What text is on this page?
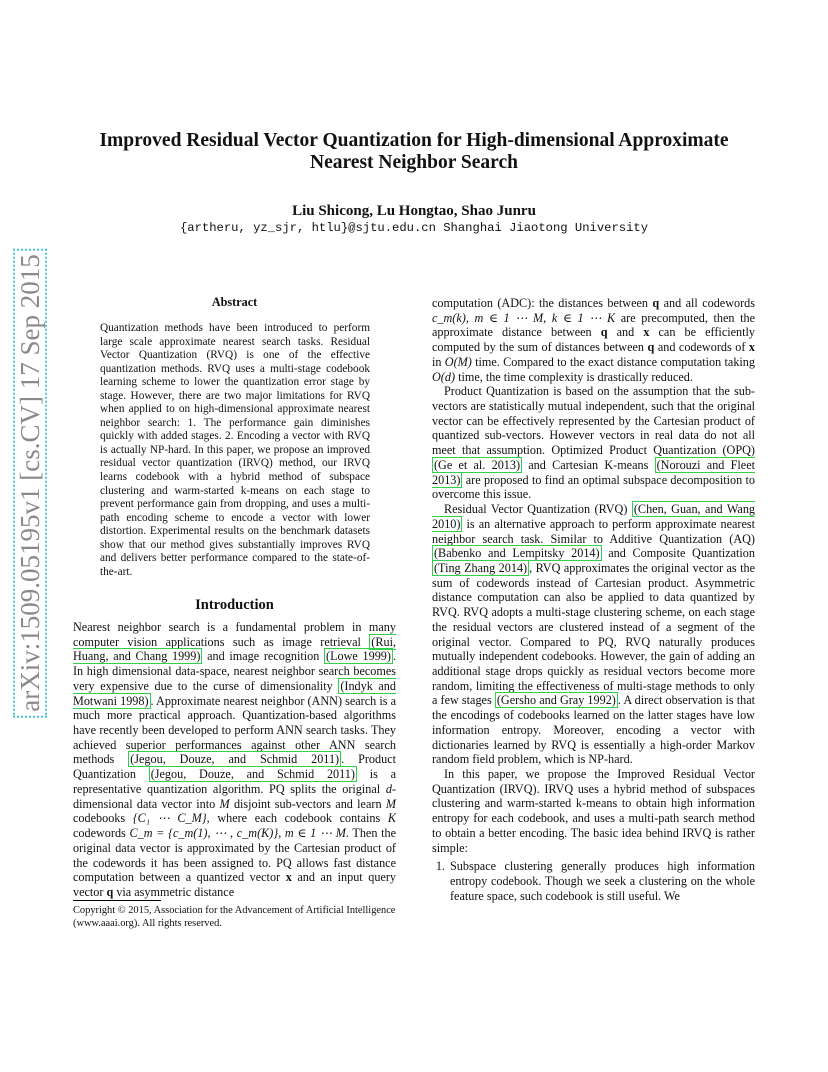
arXiv:1509.05195v1 [cs.CV] 17 Sep 2015
Improved Residual Vector Quantization for High-dimensional Approximate
Nearest Neighbor Search
Liu Shicong, Lu Hongtao, Shao Junru
{artheru, yz_sjr, htlu}@sjtu.edu.cn Shanghai Jiaotong University
Abstract
Quantization methods have been introduced to perform large scale approximate nearest search tasks. Residual Vector Quantization (RVQ) is one of the effective quantization methods. RVQ uses a multi-stage codebook learning scheme to lower the quantization error stage by stage. However, there are two major limitations for RVQ when applied to on high-dimensional approximate nearest neighbor search: 1. The performance gain diminishes quickly with added stages. 2. Encoding a vector with RVQ is actually NP-hard. In this paper, we propose an improved residual vector quantization (IRVQ) method, our IRVQ learns codebook with a hybrid method of subspace clustering and warm-started k-means on each stage to prevent performance gain from dropping, and uses a multi-path encoding scheme to encode a vector with lower distortion. Experimental results on the benchmark datasets show that our method gives substantially improves RVQ and delivers better performance compared to the state-of-the-art.
Introduction

Nearest neighbor search is a fundamental problem in many computer vision applications such as image retrieval (Rui, Huang, and Chang 1999) and image recognition (Lowe 1999) . In high dimensional data-space, nearest neighbor search becomes very expensive due to the curse of dimensionality (Indyk and Motwani 1998) . Approximate nearest neighbor (ANN) search is a much more practical approach. Quantization-based algorithms have recently been developed to perform ANN search tasks. They achieved superior performances against other ANN search methods (Jegou, Douze, and Schmid 2011) . Product Quantization (Jegou, Douze, and Schmid 2011) is a representative quantization algorithm. PQ splits the original d-dimensional data vector into M disjoint sub-vectors and learn M codebooks {C₁ ⋯ C_M}, where each codebook contains K codewords C_m = {c_m(1), ⋯ , c_m(K)}, m ∈ 1 ⋯ M. Then the original data vector is approximated by the Cartesian product of the codewords it has been assigned to. PQ allows fast distance computation between a quantized vector x and an input query vector q via asymmetric distance

Copyright © 2015, Association for the Advancement of Artificial Intelligence (www.aaai.org). All rights reserved.

computation (ADC): the distances between q and all codewords c_m(k), m ∈ 1 ⋯ M, k ∈ 1 ⋯ K are precomputed, then the approximate distance between q and x can be efficiently computed by the sum of distances between q and codewords of x in O(M) time. Compared to the exact distance computation taking O(d) time, the time complexity is drastically reduced.

Product Quantization is based on the assumption that the sub-vectors are statistically mutual independent, such that the original vector can be effectively represented by the Cartesian product of quantized sub-vectors. However vectors in real data do not all meet that assumption. Optimized Product Quantization (OPQ) (Ge et al. 2013) and Cartesian K-means (Norouzi and Fleet 2013) are proposed to find an optimal subspace decomposition to overcome this issue.

Residual Vector Quantization (RVQ) (Chen, Guan, and Wang 2010) is an alternative approach to perform approximate nearest neighbor search task. Similar to Additive Quantization (AQ) (Babenko and Lempitsky 2014) and Composite Quantization (Ting Zhang 2014) , RVQ approximates the original vector as the sum of codewords instead of Cartesian product. Asymmetric distance computation can also be applied to data quantized by RVQ. RVQ adopts a multi-stage clustering scheme, on each stage the residual vectors are clustered instead of a segment of the original vector. Compared to PQ, RVQ naturally produces mutually independent codebooks. However, the gain of adding an additional stage drops quickly as residual vectors become more random, limiting the effectiveness of multi-stage methods to only a few stages (Gersho and Gray 1992) . A direct observation is that the encodings of codebooks learned on the latter stages have low information entropy. Moreover, encoding a vector with dictionaries learned by RVQ is essentially a high-order Markov random field problem, which is NP-hard.

In this paper, we propose the Improved Residual Vector Quantization (IRVQ). IRVQ uses a hybrid method of subspaces clustering and warm-started k-means to obtain high information entropy for each codebook, and uses a multi-path search method to obtain a better encoding. The basic idea behind IRVQ is rather simple:

1. Subspace clustering generally produces high information entropy codebook. Though we seek a clustering on the whole feature space, such codebook is still useful. We
